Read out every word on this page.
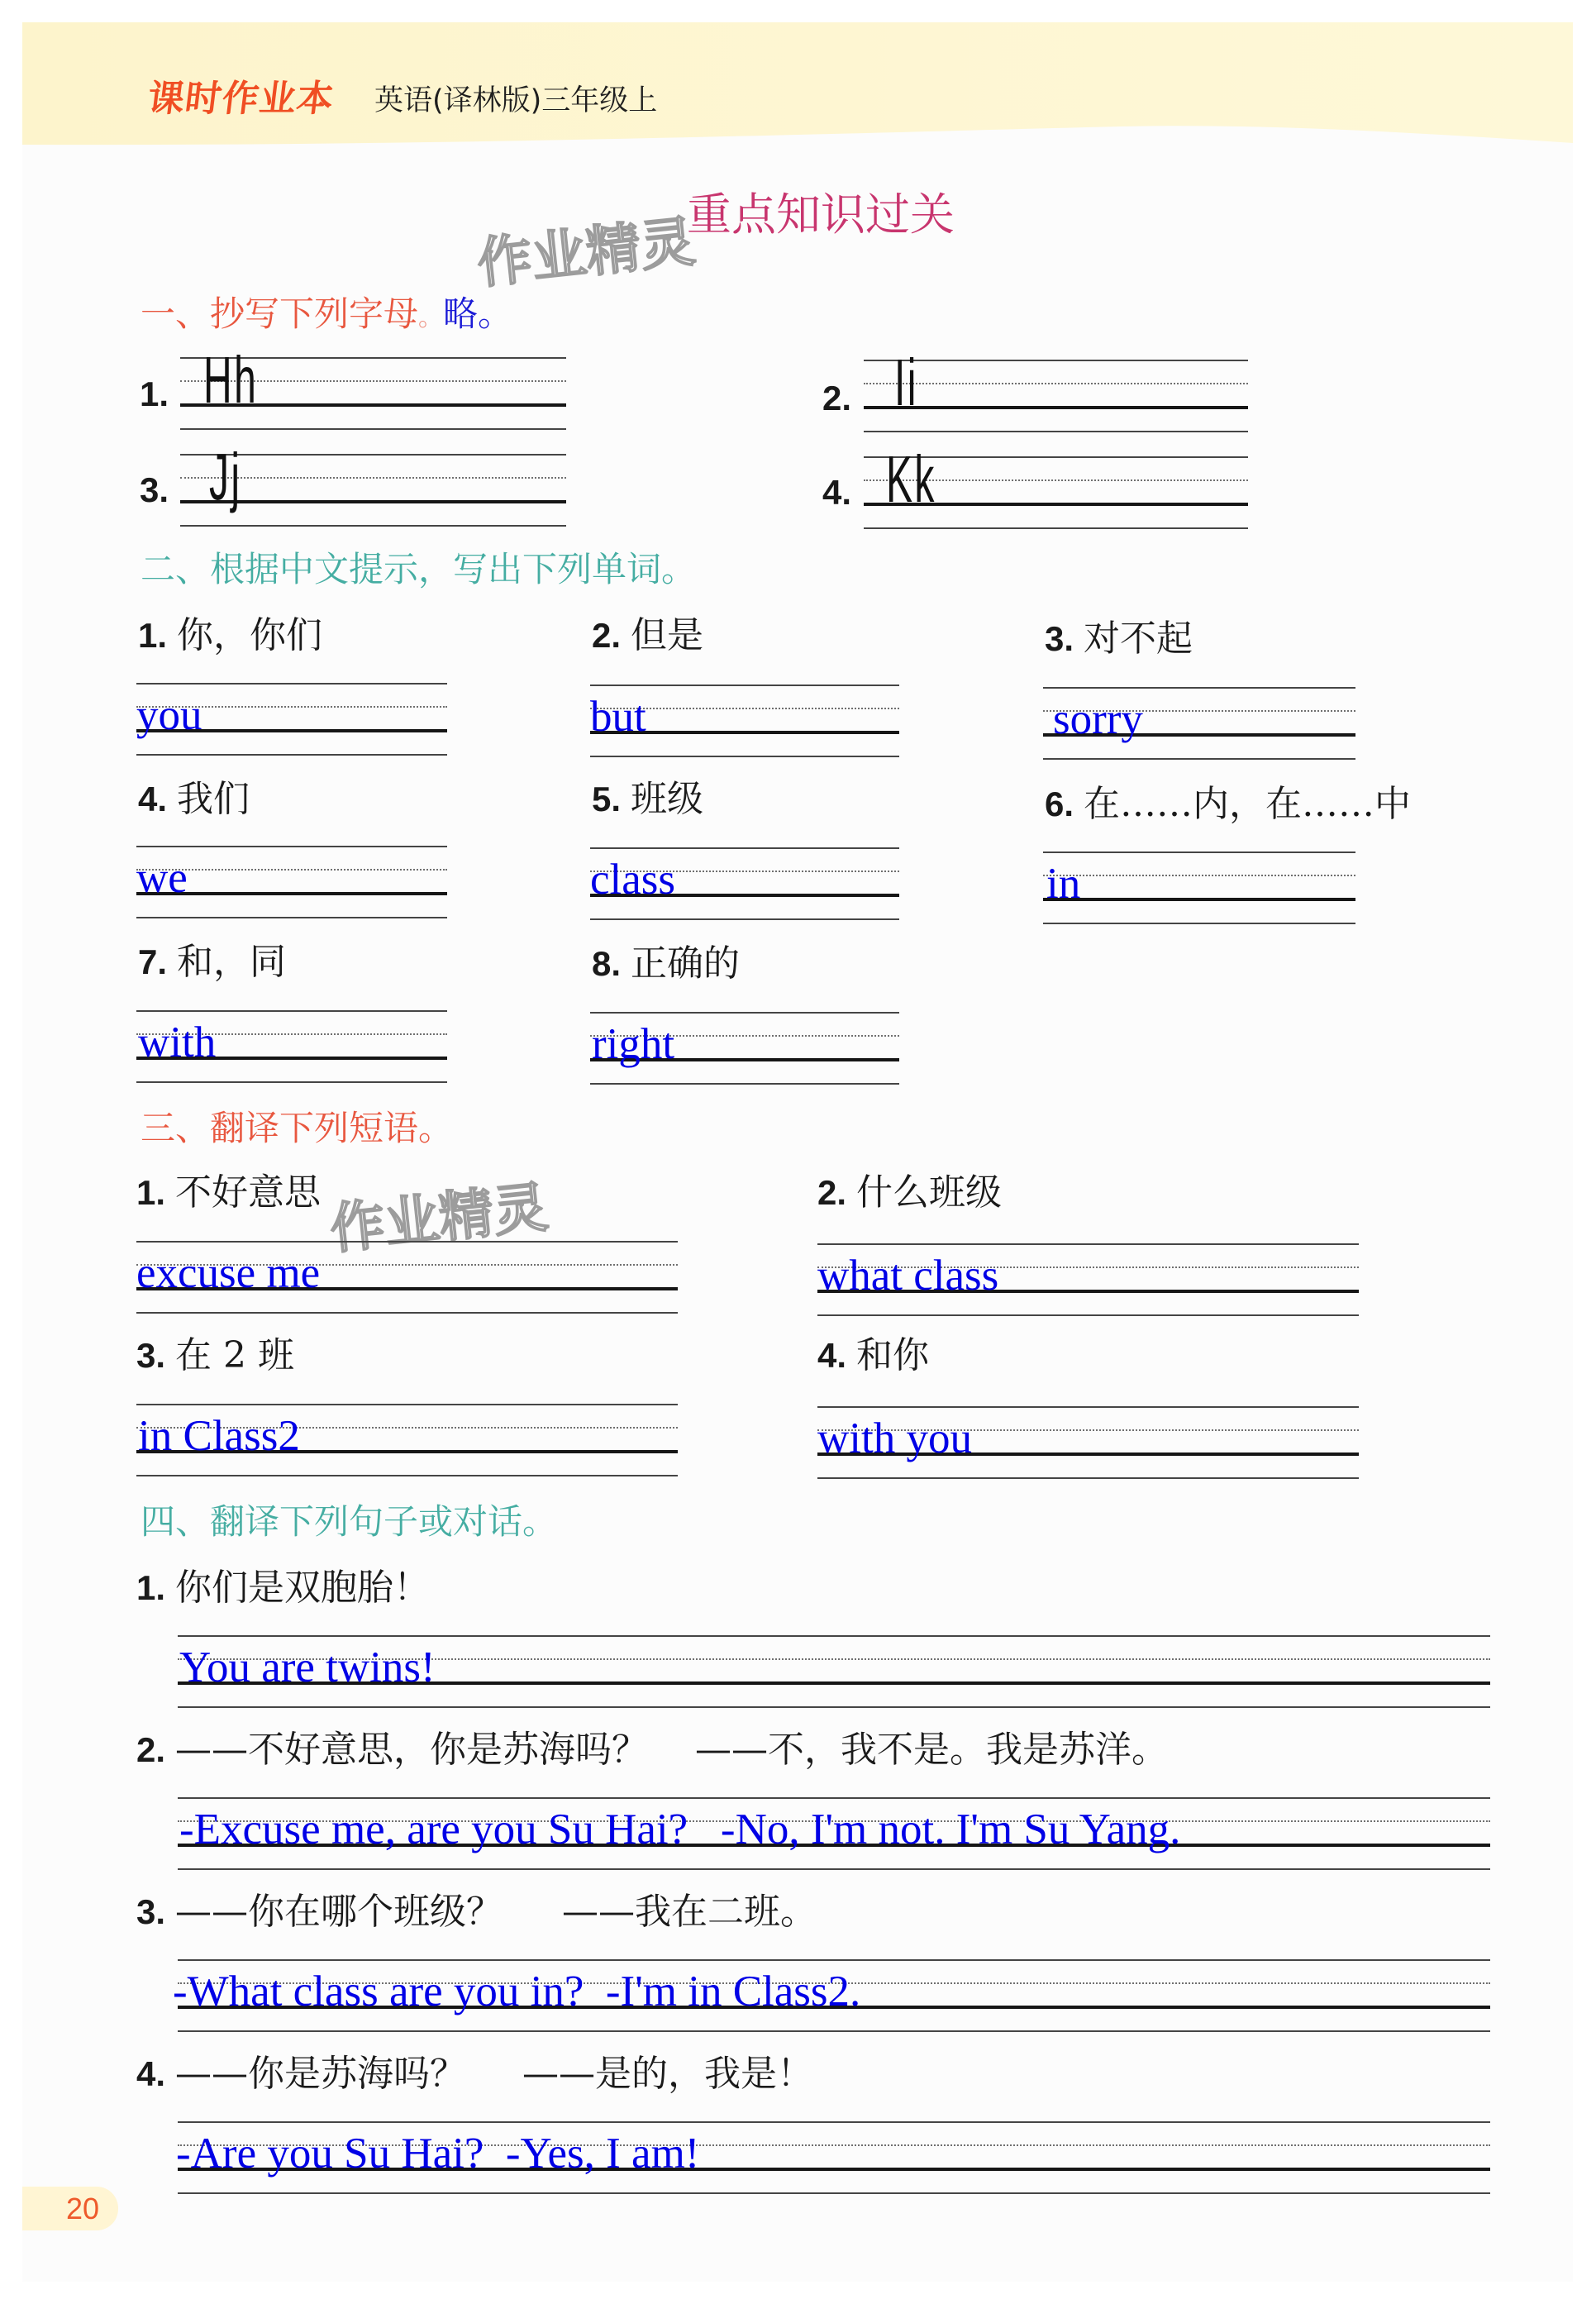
课时作业本 英语(译林版)三年级上
重点知识过关
作业精灵
作业精灵
一、抄写下列字母。略。
1. Hh	2. Ii
3. Jj	4. Kk
二、根据中文提示，写出下列单词。
1. 你，你们
you
2. 但是
but
3. 对不起
sorry
4. 我们
we
5. 班级
class
6. 在……内，在……中
in
7. 和，同
with
8. 正确的
right
三、翻译下列短语。
1. 不好意思
excuse me
2. 什么班级
what class
3. 在 2 班
in Class2
4. 和你
with you
四、翻译下列句子或对话。
1. 你们是双胞胎！
You are twins!
2. ——不好意思，你是苏海吗？ ——不，我不是。我是苏洋。
-Excuse me, are you Su Hai?   -No, I'm not. I'm Su Yang.
3. ——你在哪个班级？ ——我在二班。
-What class are you in?  -I'm in Class2.
4. ——你是苏海吗？ ——是的，我是！
-Are you Su Hai?  -Yes, I am!
20
